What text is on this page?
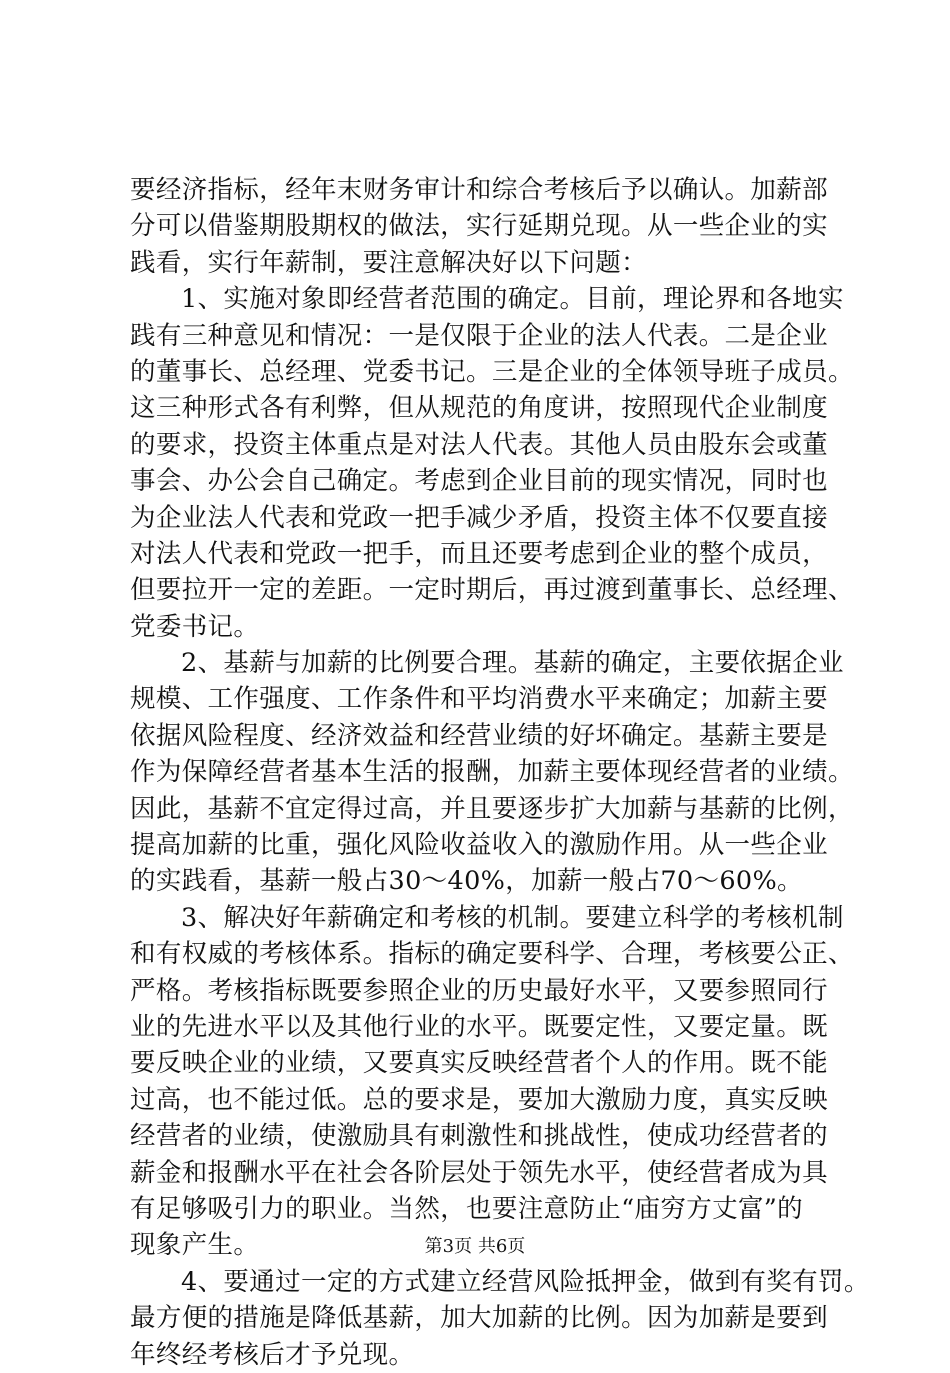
要经济指标，经年末财务审计和综合考核后予以确认。加薪部
分可以借鉴期股期权的做法，实行延期兑现。从一些企业的实
践看，实行年薪制，要注意解决好以下问题：
1、实施对象即经营者范围的确定。目前，理论界和各地实
践有三种意见和情况：一是仅限于企业的法人代表。二是企业
的董事长、总经理、党委书记。三是企业的全体领导班子成员。
这三种形式各有利弊，但从规范的角度讲，按照现代企业制度
的要求，投资主体重点是对法人代表。其他人员由股东会或董
事会、办公会自己确定。考虑到企业目前的现实情况，同时也
为企业法人代表和党政一把手减少矛盾，投资主体不仅要直接
对法人代表和党政一把手，而且还要考虑到企业的整个成员，
但要拉开一定的差距。一定时期后，再过渡到董事长、总经理、
党委书记。
2、基薪与加薪的比例要合理。基薪的确定，主要依据企业
规模、工作强度、工作条件和平均消费水平来确定；加薪主要
依据风险程度、经济效益和经营业绩的好坏确定。基薪主要是
作为保障经营者基本生活的报酬，加薪主要体现经营者的业绩。
因此，基薪不宜定得过高，并且要逐步扩大加薪与基薪的比例，
提高加薪的比重，强化风险收益收入的激励作用。从一些企业
的实践看，基薪一般占30～40%，加薪一般占70～60%。
3、解决好年薪确定和考核的机制。要建立科学的考核机制
和有权威的考核体系。指标的确定要科学、合理，考核要公正、
严格。考核指标既要参照企业的历史最好水平，又要参照同行
业的先进水平以及其他行业的水平。既要定性，又要定量。既
要反映企业的业绩，又要真实反映经营者个人的作用。既不能
过高，也不能过低。总的要求是，要加大激励力度，真实反映
经营者的业绩，使激励具有刺激性和挑战性，使成功经营者的
薪金和报酬水平在社会各阶层处于领先水平，使经营者成为具
有足够吸引力的职业。当然，也要注意防止“庙穷方丈富”的
现象产生。
4、要通过一定的方式建立经营风险抵押金，做到有奖有罚。
最方便的措施是降低基薪，加大加薪的比例。因为加薪是要到
年终经考核后才予兑现。
第3页 共6页
